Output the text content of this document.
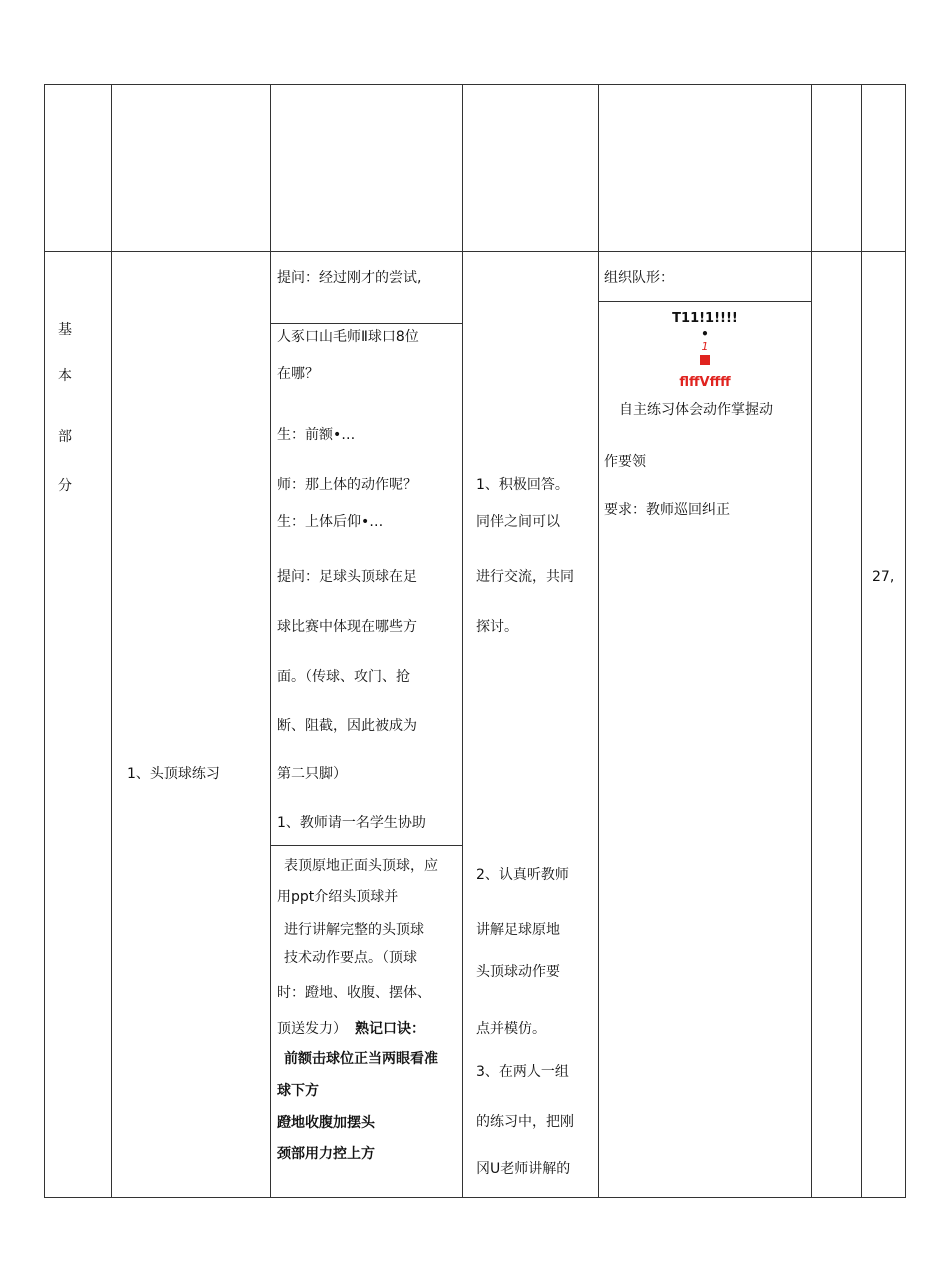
基
本
部
分
1、头顶球练习
提问：经过刚才的尝试,
人豖口山毛师Ⅱ球口8位
在哪？
生：前额•…
师：那上体的动作呢？
生：上体后仰•…
提问：足球头顶球在足
球比赛中体现在哪些方
面。（传球、攻门、抢
断、阻截，因此被成为
第二只脚）
1、教师请一名学生协助
表顶原地正面头顶球，应
用ppt介绍头顶球并
进行讲解完整的头顶球
技术动作要点。（顶球
时：蹬地、收腹、摆体、
顶送发力） 熟记口诀：
前额击球位正当两眼看准
球下方
蹬地收腹加摆头
颈部用力控上方
1、积极回答。
同伴之间可以
进行交流，共同
探讨。
2、认真听教师
讲解足球原地
头顶球动作要
点并模仿。
3、在两人一组
的练习中，把刚
冈U老师讲解的
组织队形：
T11!1!!!!
•
1
flffVffff
自主练习体会动作掌握动
作要领
要求：教师巡回纠正
27,
